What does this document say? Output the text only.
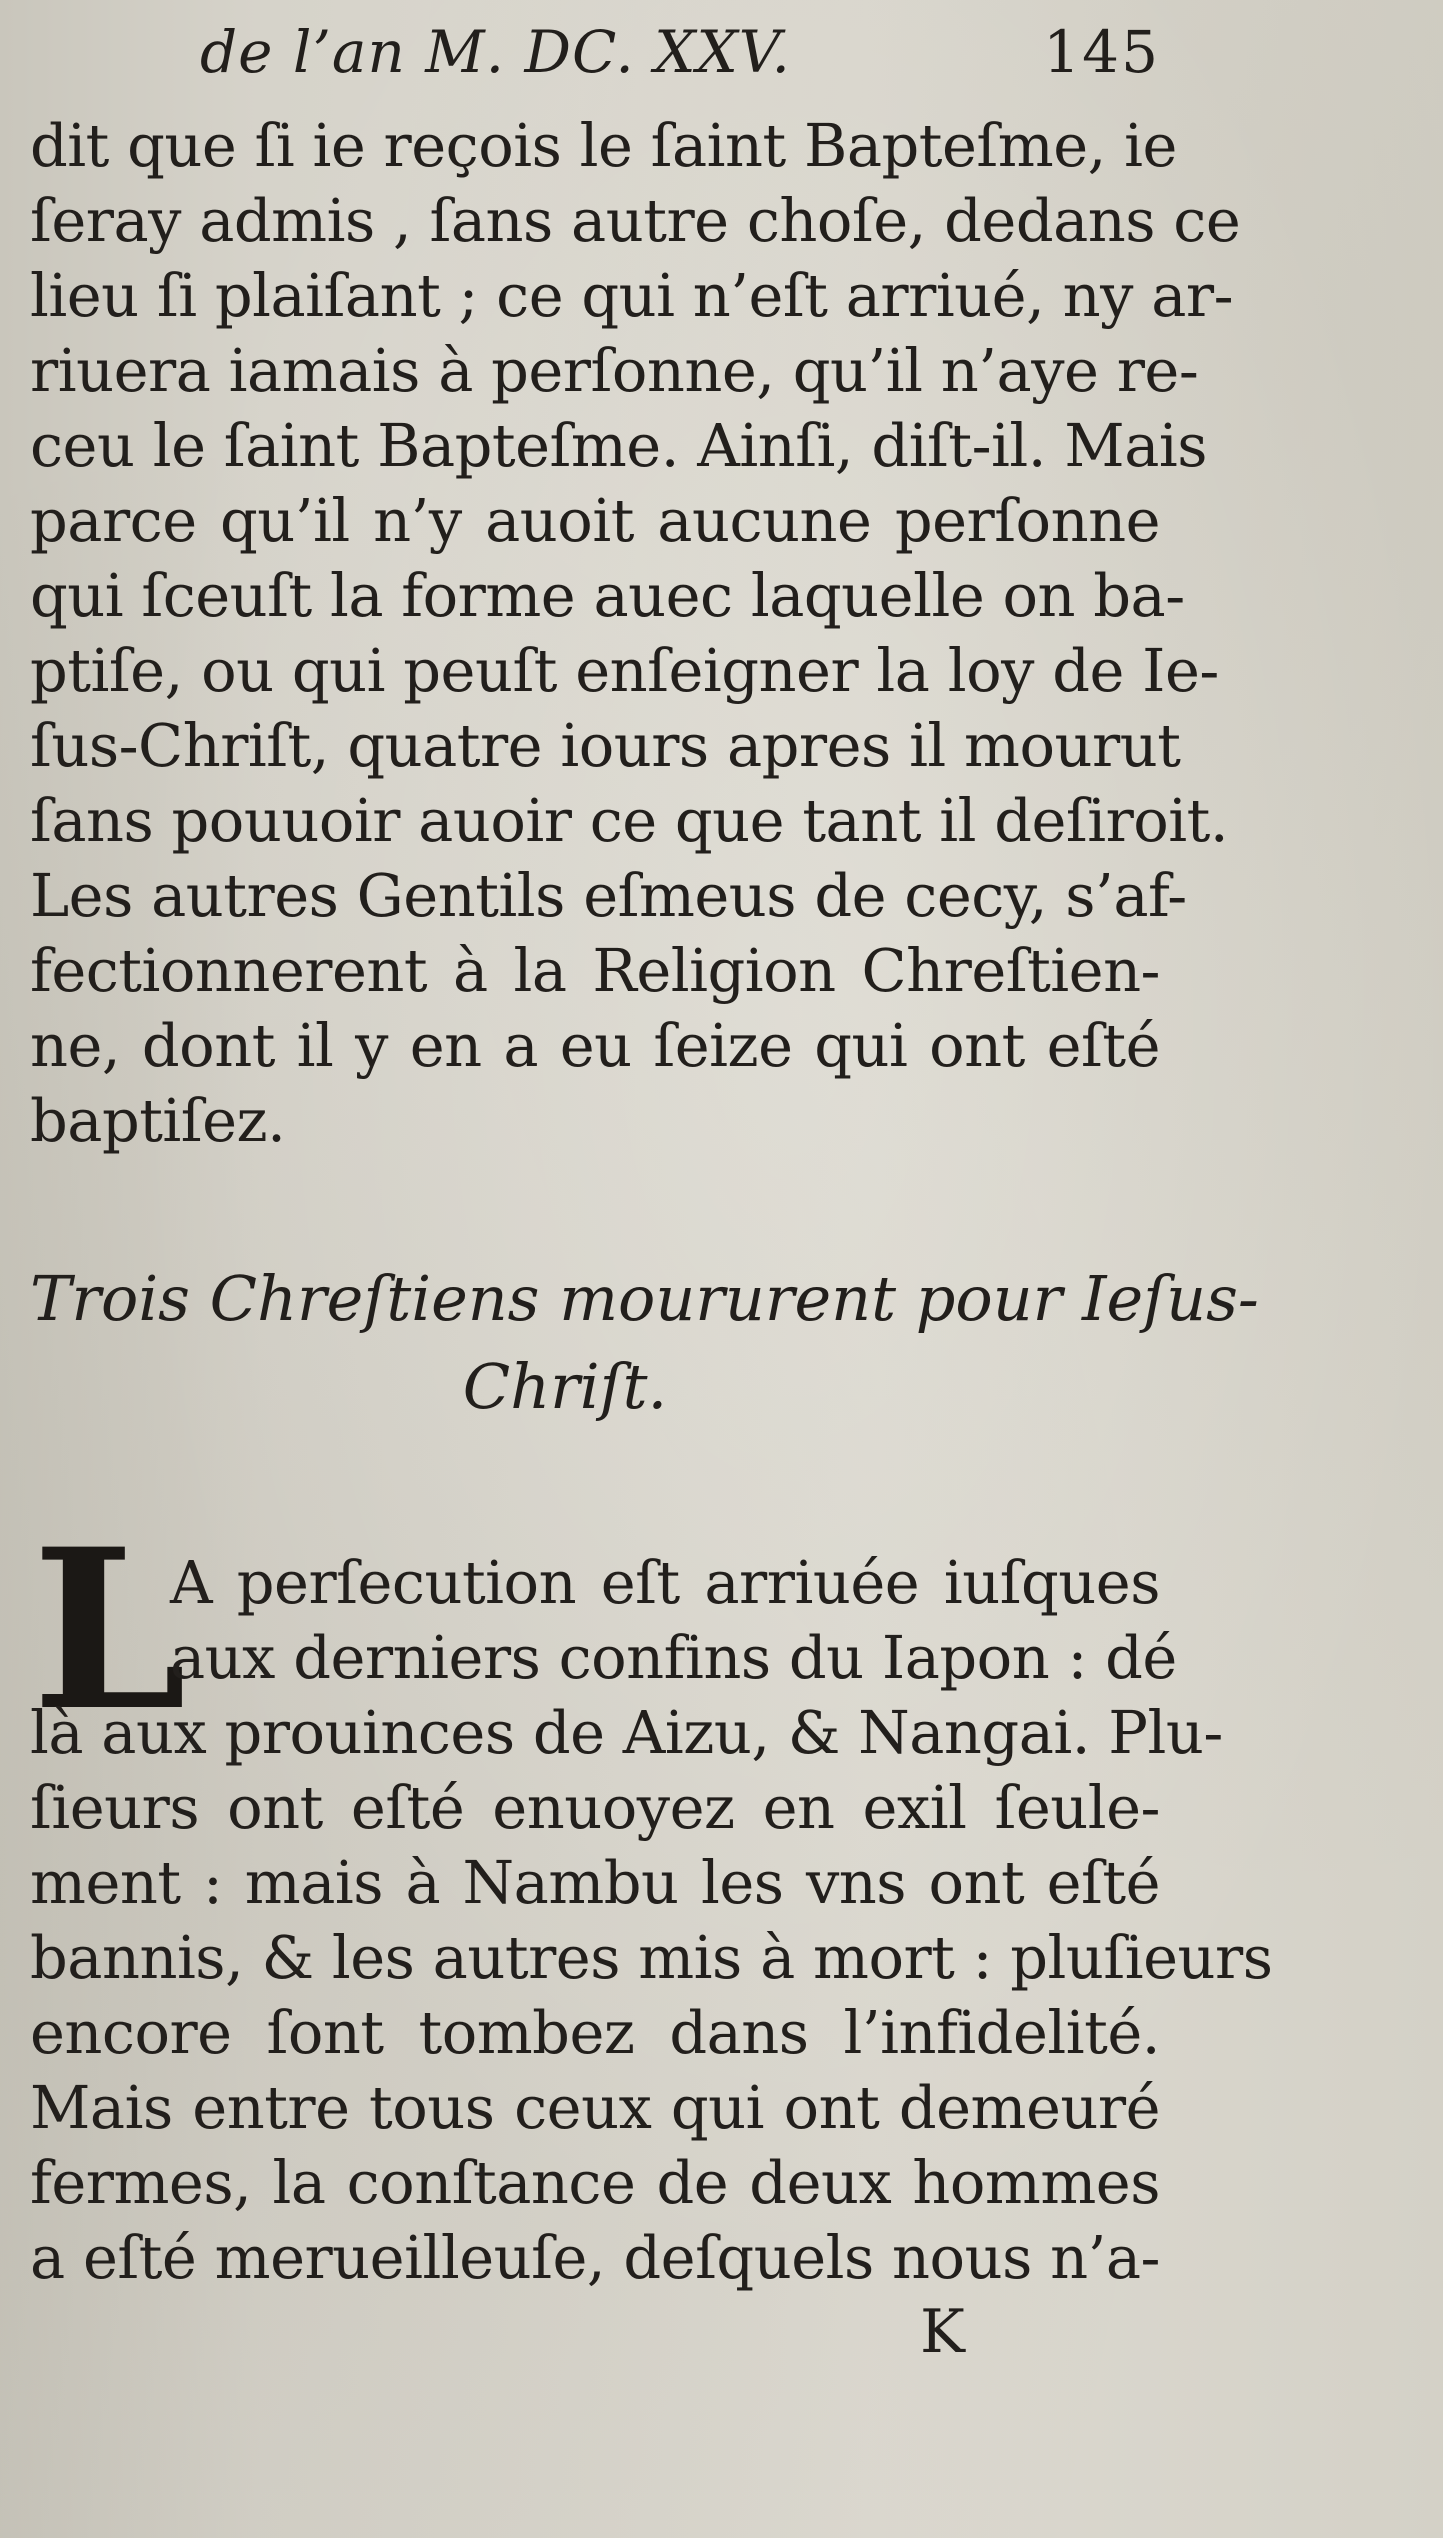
de l’an M. DC. XXV.	145
dit que ſi ie reçois le ſaint Bapteſme, ie
ſeray admis , ſans autre choſe, dedans ce
lieu ſi plaiſant ; ce qui n’eſt arriué, ny ar-
riuera iamais à perſonne, qu’il n’aye re-
ceu le ſaint Bapteſme. Ainſi, diſt-il. Mais
parce qu’il n’y auoit aucune perſonne
qui ſceuſt la forme auec laquelle on ba-
ptiſe, ou qui peuſt enſeigner la loy de Ie-
ſus-Chriſt, quatre iours apres il mourut
ſans pouuoir auoir ce que tant il deſiroit.
Les autres Gentils eſmeus de cecy, s’af-
fectionnerent à la Religion Chreſtien-
ne, dont il y en a eu ſeize qui ont eſté
baptiſez.
Trois Chreſtiens moururent pour Ieſus-
Chriſt.
L
A perſecution eſt arriuée iuſques
aux derniers confins du Iapon : dé
là aux prouinces de Aizu, & Nangai. Plu-
ſieurs ont eſté enuoyez en exil ſeule-
ment : mais à Nambu les vns ont eſté
bannis, & les autres mis à mort : pluſieurs
encore ſont tombez dans l’infidelité.
Mais entre tous ceux qui ont demeuré
fermes, la conſtance de deux hommes
a eſté merueilleuſe, deſquels nous n’a-
K
